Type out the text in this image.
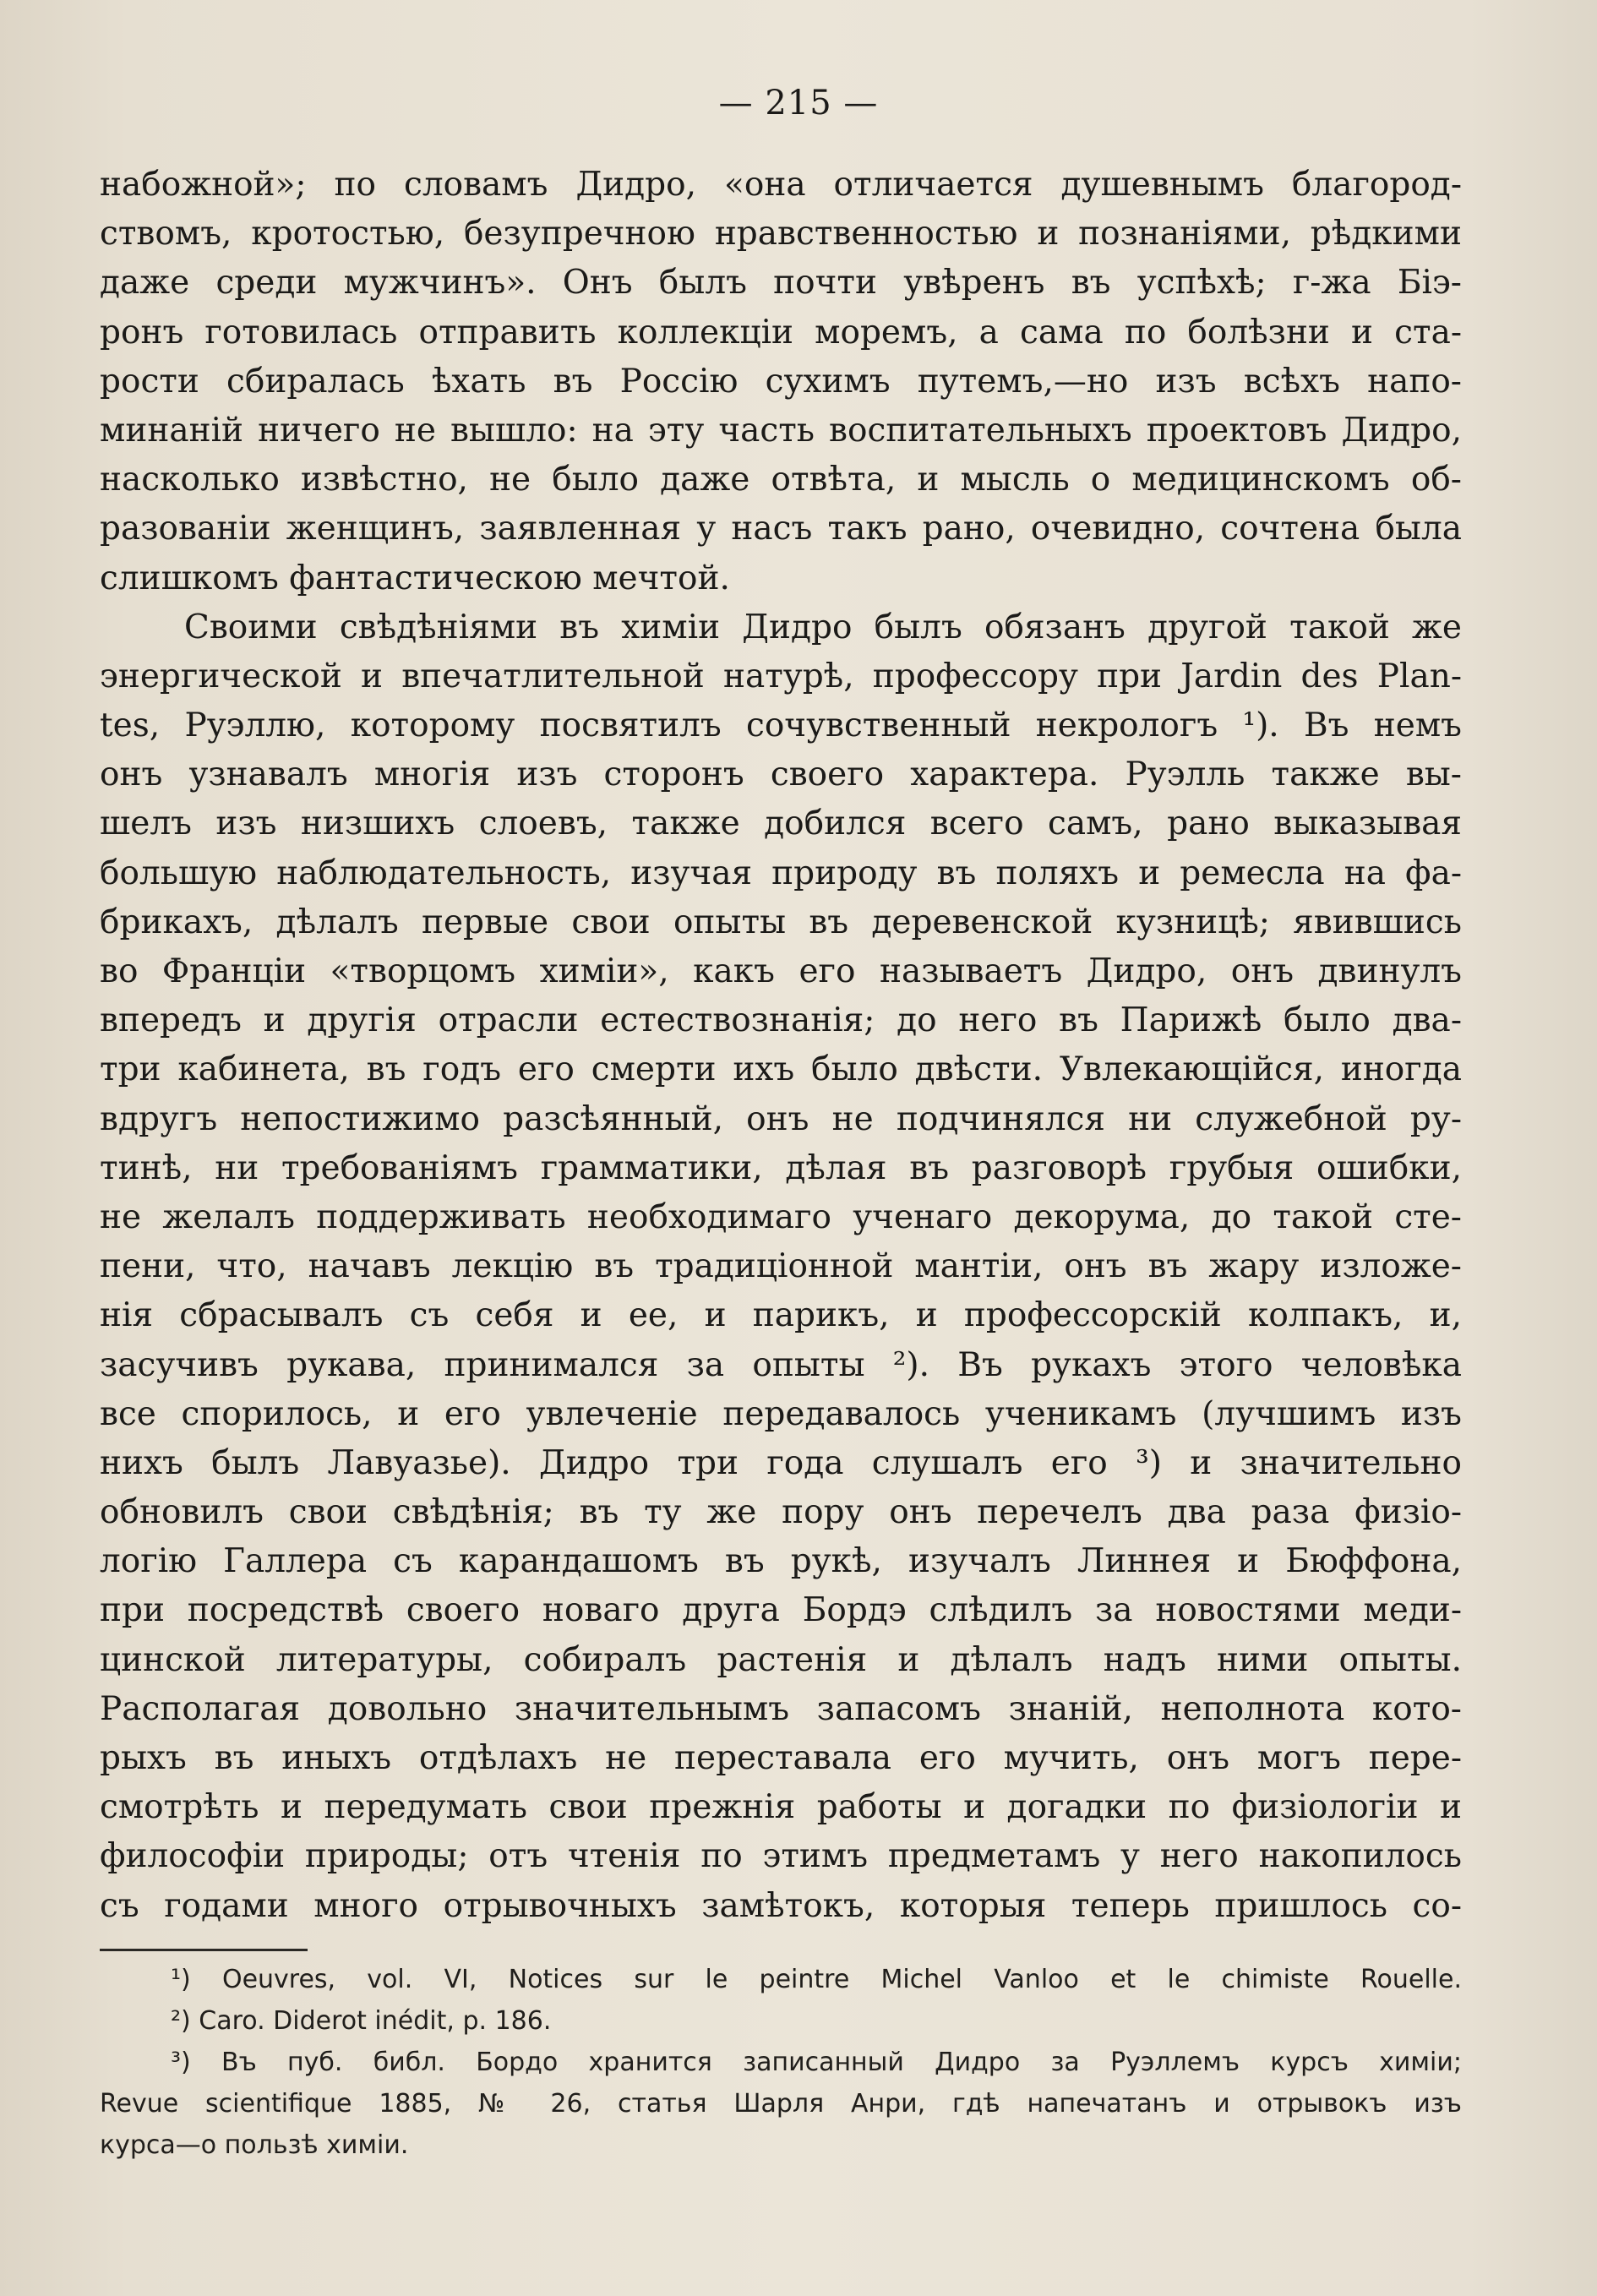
— 215 —
набожной»; по словамъ Дидро, «она отличается душевнымъ благород-
ствомъ, кротостью, безупречною нравственностью и познаніями, рѣдкими
даже среди мужчинъ». Онъ былъ почти увѣренъ въ успѣхѣ; г-жа Біэ-
ронъ готовилась отправить коллекціи моремъ, а сама по болѣзни и ста-
рости сбиралась ѣхать въ Россію сухимъ путемъ,—но изъ всѣхъ напо-
минаній ничего не вышло: на эту часть воспитательныхъ проектовъ Дидро,
насколько извѣстно, не было даже отвѣта, и мысль о медицинскомъ об-
разованіи женщинъ, заявленная у насъ такъ рано, очевидно, сочтена была
слишкомъ фантастическою мечтой.
Своими свѣдѣніями въ химіи Дидро былъ обязанъ другой такой же
энергической и впечатлительной натурѣ, профессору при Jardin des Plan-
tes, Руэллю, которому посвятилъ сочувственный некрологъ ¹). Въ немъ
онъ узнавалъ многія изъ сторонъ своего характера. Руэлль также вы-
шелъ изъ низшихъ слоевъ, также добился всего самъ, рано выказывая
большую наблюдательность, изучая природу въ поляхъ и ремесла на фа-
брикахъ, дѣлалъ первые свои опыты въ деревенской кузницѣ; явившись
во Франціи «творцомъ химіи», какъ его называетъ Дидро, онъ двинулъ
впередъ и другія отрасли естествознанія; до него въ Парижѣ было два-
три кабинета, въ годъ его смерти ихъ было двѣсти. Увлекающійся, иногда
вдругъ непостижимо разсѣянный, онъ не подчинялся ни служебной ру-
тинѣ, ни требованіямъ грамматики, дѣлая въ разговорѣ грубыя ошибки,
не желалъ поддерживать необходимаго ученаго декорума, до такой сте-
пени, что, начавъ лекцію въ традиціонной мантіи, онъ въ жару изложе-
нія сбрасывалъ съ себя и ее, и парикъ, и профессорскій колпакъ, и,
засучивъ рукава, принимался за опыты ²). Въ рукахъ этого человѣка
все спорилось, и его увлеченіе передавалось ученикамъ (лучшимъ изъ
нихъ былъ Лавуазье). Дидро три года слушалъ его ³) и значительно
обновилъ свои свѣдѣнія; въ ту же пору онъ перечелъ два раза физіо-
логію Галлера съ карандашомъ въ рукѣ, изучалъ Линнея и Бюффона,
при посредствѣ своего новаго друга Бордэ слѣдилъ за новостями меди-
цинской литературы, собиралъ растенія и дѣлалъ надъ ними опыты.
Располагая довольно значительнымъ запасомъ знаній, неполнота кото-
рыхъ въ иныхъ отдѣлахъ не переставала его мучить, онъ могъ пере-
смотрѣть и передумать свои прежнія работы и догадки по физіологіи и
философіи природы; отъ чтенія по этимъ предметамъ у него накопилось
съ годами много отрывочныхъ замѣтокъ, которыя теперь пришлось со-
¹) Oeuvres, vol. VI, Notices sur le peintre Michel Vanloo et le chimiste Rouelle.
²) Caro. Diderot inédit, p. 186.
³) Въ пуб. библ. Бордо хранится записанный Дидро за Руэллемъ курсъ химіи;
Revue scientifique 1885, № 26, статья Шарля Анри, гдѣ напечатанъ и отрывокъ изъ
курса—о пользѣ химіи.
